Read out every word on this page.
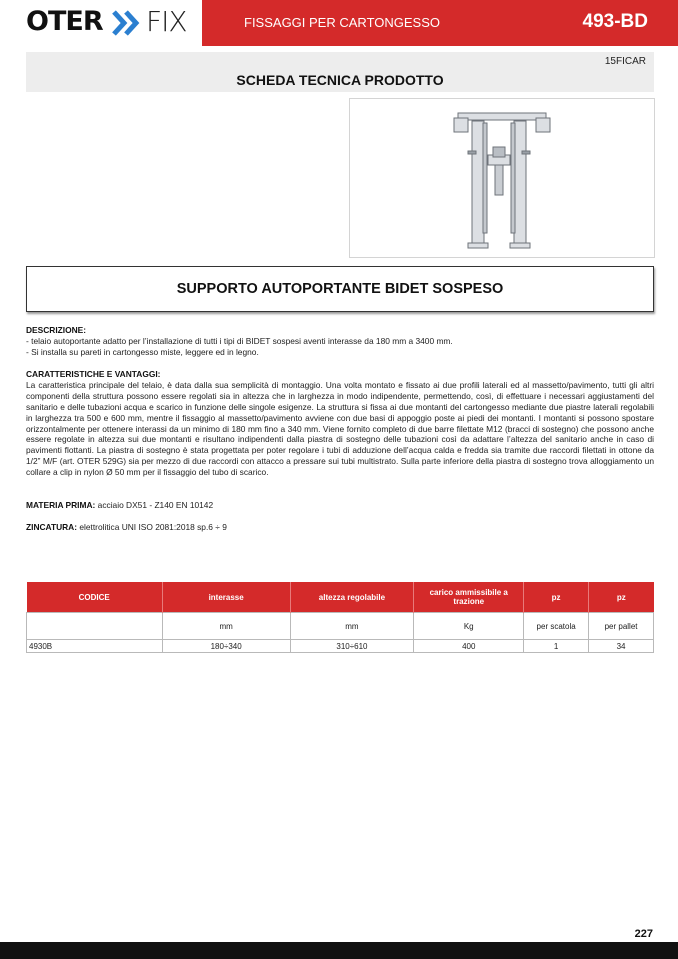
OTER FIX	FISSAGGI PER CARTONGESSO	493-BD
15FICAR
SCHEDA TECNICA PRODOTTO
SUPPORTO AUTOPORTANTE BIDET SOSPESO
DESCRIZIONE:
- telaio autoportante adatto per l’installazione di tutti i tipi di BIDET sospesi aventi interasse da 180 mm a 3400 mm.
- Si installa su pareti in cartongesso miste, leggere ed in legno.
CARATTERISTICHE E VANTAGGI:
La caratteristica principale del telaio, è data dalla sua semplicità di montaggio. Una volta montato e fissato ai due profili laterali ed al massetto/pavimento, tutti gli altri componenti della struttura possono essere regolati sia in altezza che in larghezza in modo indipendente, permettendo, così, di effettuare i necessari aggiustamenti del sanitario e delle tubazioni acqua e scarico in funzione delle singole esigenze. La struttura si fissa ai due montanti del cartongesso mediante due piastre laterali regolabili in larghezza tra 500 e 600 mm, mentre il fissaggio al massetto/pavimento avviene con due basi di appoggio poste ai piedi dei montanti. I montanti si possono spostare orizzontalmente per ottenere interassi da un minimo di 180 mm fino a 340 mm. Viene fornito completo di due barre filettate M12 (bracci di sostegno) che possono anche essere regolate in altezza sui due montanti e risultano indipendenti dalla piastra di sostegno delle tubazioni così da adattare l’altezza del sanitario anche in caso di pavimenti flottanti. La piastra di sostegno è stata progettata per poter regolare i tubi di adduzione dell’acqua calda e fredda sia tramite due raccordi filettati in ottone da 1/2” M/F (art. OTER 529G) sia per mezzo di due raccordi con attacco a pressare sui tubi multistrato. Sulla parte inferiore della piastra di sostegno trova alloggiamento un collare a clip in nylon Ø 50 mm per il fissaggio del tubo di scarico.
MATERIA PRIMA: acciaio DX51 - Z140 EN 10142
ZINCATURA: elettrolitica UNI ISO 2081:2018 sp.6 ÷ 9
CODICE	interasse	altezza regolabile	carico ammissibile a trazione	pz	pz
	mm	mm	Kg	per scatola	per pallet
4930B	180÷340	310÷610	400	1	34
227
